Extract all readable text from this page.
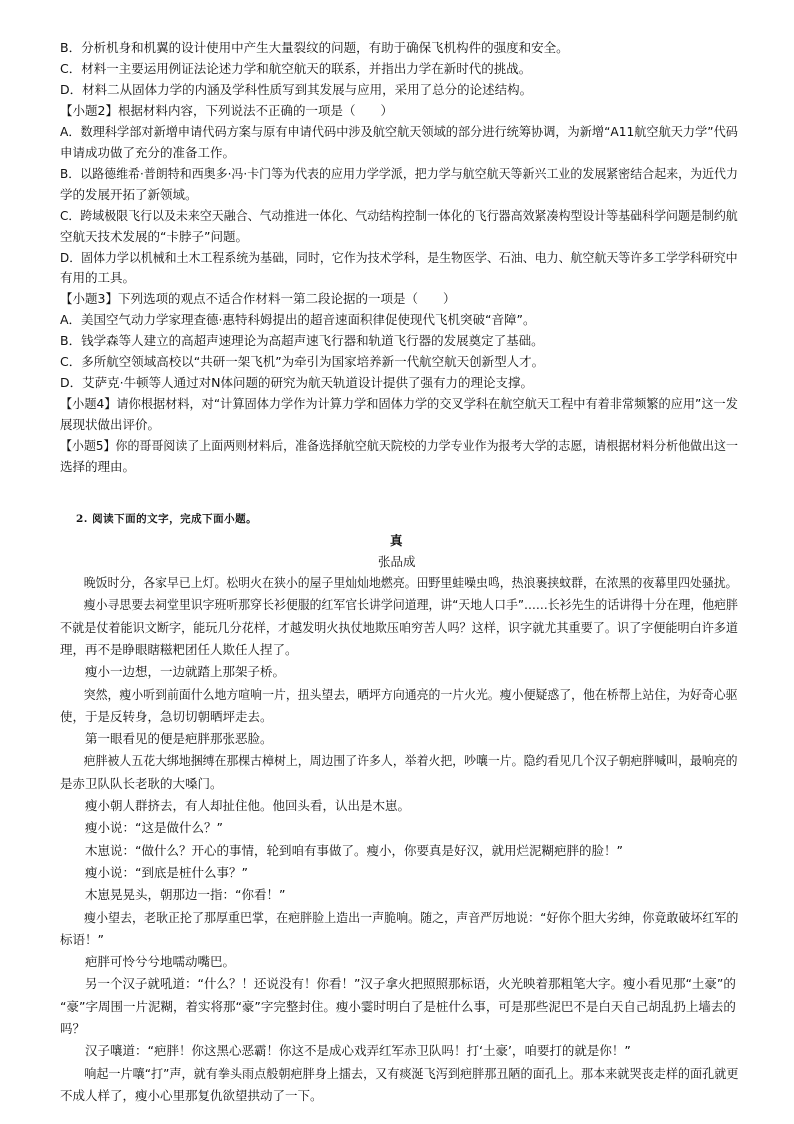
B．分析机身和机翼的设计使用中产生大量裂纹的问题，有助于确保飞机构件的强度和安全。
C．材料一主要运用例证法论述力学和航空航天的联系，并指出力学在新时代的挑战。
D．材料二从固体力学的内涵及学科性质写到其发展与应用，采用了总分的论述结构。
【小题2】根据材料内容，下列说法不正确的一项是（　　）
A．数理科学部对新增申请代码方案与原有申请代码中涉及航空航天领域的部分进行统筹协调，为新增“A11航空航天力学”代码
申请成功做了充分的准备工作。
B．以路德维希·普朗特和西奥多·冯·卡门等为代表的应用力学学派，把力学与航空航天等新兴工业的发展紧密结合起来，为近代力
学的发展开拓了新领域。
C．跨域极限飞行以及未来空天融合、气动推进一体化、气动结构控制一体化的飞行器高效紧凑构型设计等基础科学问题是制约航
空航天技术发展的“卡脖子”问题。
D．固体力学以机械和土木工程系统为基础，同时，它作为技术学科，是生物医学、石油、电力、航空航天等许多工学学科研究中
有用的工具。
【小题3】下列选项的观点不适合作材料一第二段论据的一项是（　　）
A．美国空气动力学家理查德·惠特科姆提出的超音速面积律促使现代飞机突破“音障”。
B．钱学森等人建立的高超声速理论为高超声速飞行器和轨道飞行器的发展奠定了基础。
C．多所航空领域高校以“共研一架飞机”为牵引为国家培养新一代航空航天创新型人才。
D．艾萨克·牛顿等人通过对N体问题的研究为航天轨道设计提供了强有力的理论支撑。
【小题4】请你根据材料，对“计算固体力学作为计算力学和固体力学的交叉学科在航空航天工程中有着非常频繁的应用”这一发
展现状做出评价。
【小题5】你的哥哥阅读了上面两则材料后，准备选择航空航天院校的力学专业作为报考大学的志愿，请根据材料分析他做出这一
选择的理由。
2. 阅读下面的文字，完成下面小题。
真
张品成
　　晚饭时分，各家早已上灯。松明火在狭小的屋子里灿灿地燃亮。田野里蛙噪虫鸣，热浪裹挟蚊群，在浓黑的夜幕里四处骚扰。
　　瘦小寻思要去祠堂里识字班听那穿长衫便服的红军官长讲学问道理，讲“天地人口手”……长衫先生的话讲得十分在理，他疤胖
不就是仗着能识文断字，能玩几分花样，才越发明火执仗地欺压咱穷苦人吗？这样，识字就尤其重要了。识了字便能明白许多道
理，再不是睁眼瞎糍粑团任人欺任人捏了。
　　瘦小一边想，一边就踏上那架子桥。
　　突然，瘦小听到前面什么地方喧响一片，扭头望去，晒坪方向通亮的一片火光。瘦小便疑惑了，他在桥帮上站住，为好奇心驱
使，于是反转身，急切切朝晒坪走去。
　　第一眼看见的便是疤胖那张恶脸。
　　疤胖被人五花大绑地捆缚在那棵古樟树上，周边围了许多人，举着火把，吵嚷一片。隐约看见几个汉子朝疤胖喊叫，最响亮的
是赤卫队队长老耿的大嗓门。
　　瘦小朝人群挤去，有人却扯住他。他回头看，认出是木崽。
　　瘦小说：“这是做什么？”
　　木崽说：“做什么？开心的事情，轮到咱有事做了。瘦小，你要真是好汉，就用烂泥糊疤胖的脸！”
　　瘦小说：“到底是桩什么事？”
　　木崽晃晃头，朝那边一指：“你看！”
　　瘦小望去，老耿正抡了那厚重巴掌，在疤胖脸上造出一声脆响。随之，声音严厉地说：“好你个胆大劣绅，你竟敢破坏红军的
标语！”
　　疤胖可怜兮兮地嚅动嘴巴。
　　另一个汉子就吼道：“什么？！还说没有！你看！”汉子拿火把照照那标语，火光映着那粗笔大字。瘦小看见那“土豪”的
“豪”字周围一片泥糊，着实将那“豪”字完整封住。瘦小霎时明白了是桩什么事，可是那些泥巴不是白天自己胡乱扔上墙去的
吗？
　　汉子嚷道：“疤胖！你这黑心恶霸！你这不是成心戏弄红军赤卫队吗！打‘土豪’，咱要打的就是你！”
　　响起一片嚷“打”声，就有拳头雨点般朝疤胖身上擂去，又有痰涎飞泻到疤胖那丑陋的面孔上。那本来就哭丧走样的面孔就更
不成人样了，瘦小心里那复仇欲望拱动了一下。
